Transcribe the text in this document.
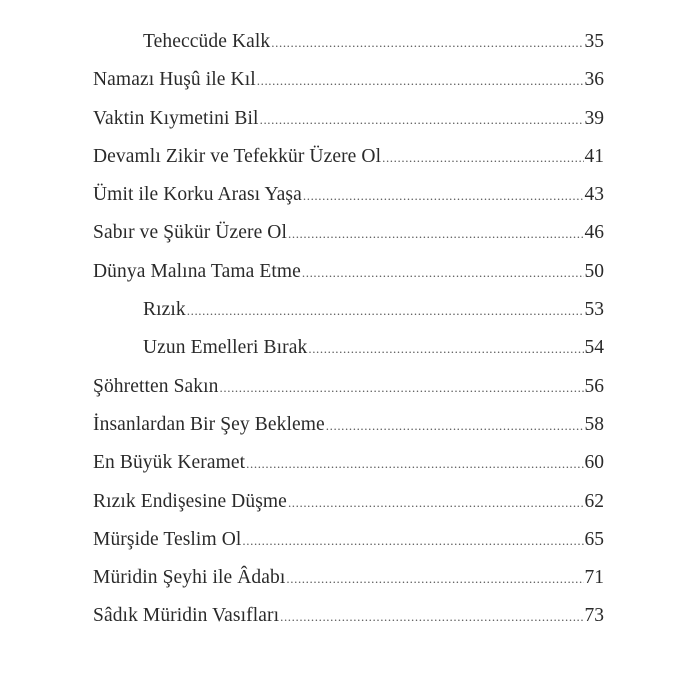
Teheccüde Kalk .....	35
Namazı Huşû ile Kıl .....	36
Vaktin Kıymetini Bil .....	39
Devamlı Zikir ve Tefekkür Üzere Ol .....	41
Ümit ile Korku Arası Yaşa .....	43
Sabır ve Şükür Üzere Ol .....	46
Dünya Malına Tama Etme .....	50
Rızık .....	53
Uzun Emelleri Bırak .....	54
Şöhretten Sakın .....	56
İnsanlardan Bir Şey Bekleme .....	58
En Büyük Keramet .....	60
Rızık Endişesine Düşme .....	62
Mürşide Teslim Ol .....	65
Müridin Şeyhi ile Âdabı .....	71
Sâdık Müridin Vasıfları .....	73
